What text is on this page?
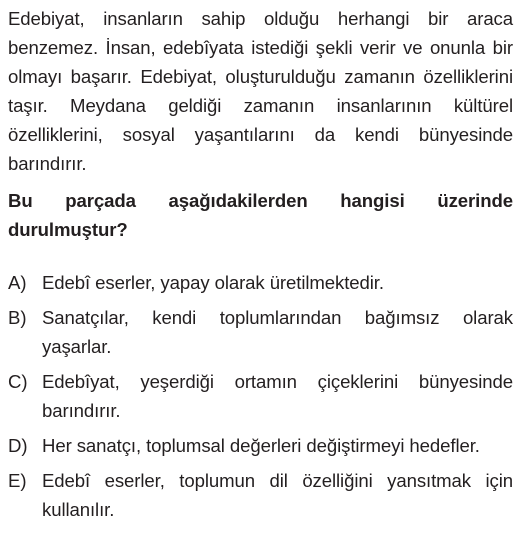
Edebiyat, insanların sahip olduğu herhangi bir araca benzemez. İnsan, edebîyata istediği şekli verir ve onunla bir olmayı başarır. Edebiyat, oluşturulduğu zamanın özelliklerini taşır. Meydana geldiği zamanın insanlarının kültürel özelliklerini, sosyal yaşantılarını da kendi bünyesinde barındırır.

Bu parçada aşağıdakilerden hangisi üzerinde durulmuştur?

A) Edebî eserler, yapay olarak üretilmektedir.
B) Sanatçılar, kendi toplumlarından bağımsız olarak yaşarlar.
C) Edebîyat, yeşerdiği ortamın çiçeklerini bünyesinde barındırır.
D) Her sanatçı, toplumsal değerleri değiştirmeyi hedefler.
E) Edebî eserler, toplumun dil özelliğini yansıtmak için kullanılır.
